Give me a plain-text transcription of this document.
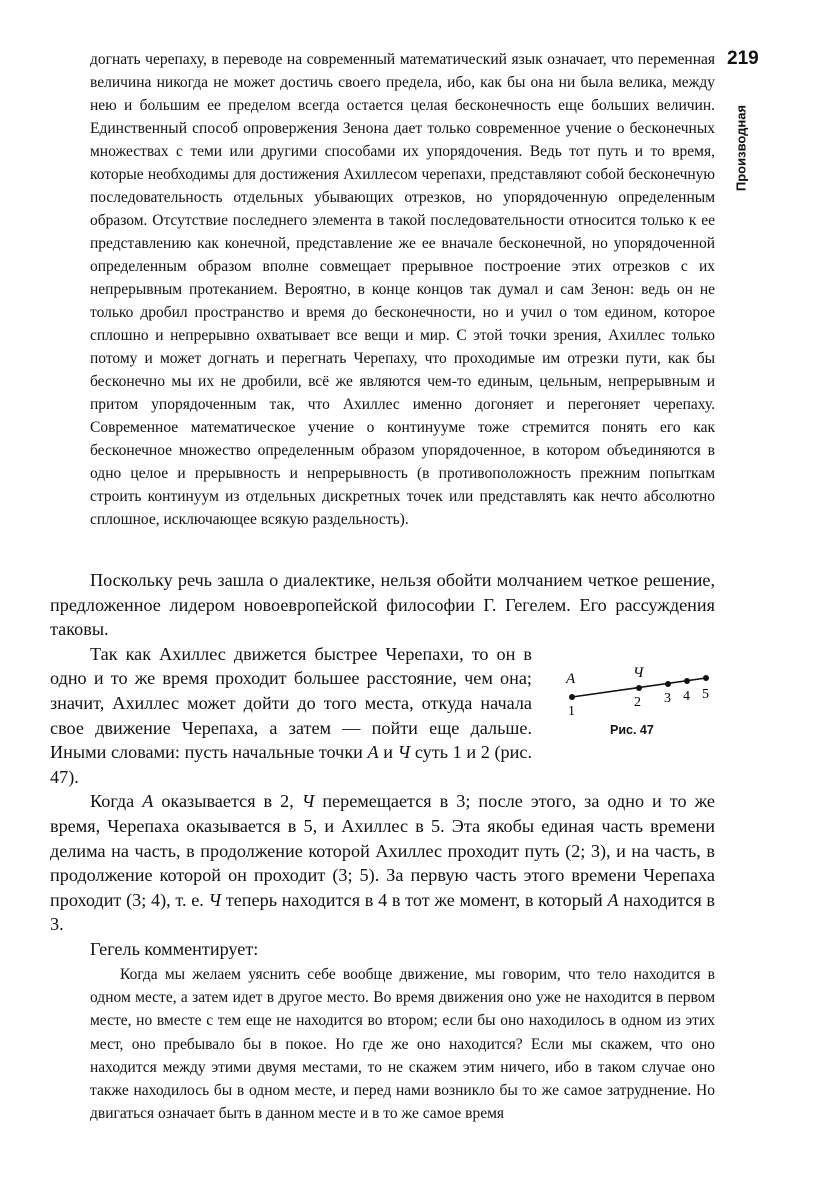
219
Производная

догнать черепаху, в переводе на современный математический язык означает, что переменная величина никогда не может достичь своего предела, ибо, как бы она ни была велика, между нею и большим ее пределом всегда остается целая бесконечность еще больших величин. Единственный способ опровержения Зенона дает только современное учение о бесконечных множествах с теми или другими способами их упорядочения. Ведь тот путь и то время, которые необходимы для достижения Ахиллесом черепахи, представляют собой бесконечную последовательность отдельных убывающих отрезков, но упорядоченную определенным образом. Отсутствие последнего элемента в такой последовательности относится только к ее представлению как конечной, представление же ее вначале бесконечной, но упорядоченной определенным образом вполне совмещает прерывное построение этих отрезков с их непрерывным протеканием. Вероятно, в конце концов так думал и сам Зенон: ведь он не только дробил пространство и время до бесконечности, но и учил о том едином, которое сплошно и непрерывно охватывает все вещи и мир. С этой точки зрения, Ахиллес только потому и может догнать и перегнать Черепаху, что проходимые им отрезки пути, как бы бесконечно мы их не дробили, всё же являются чем-то единым, цельным, непрерывным и притом упорядоченным так, что Ахиллес именно догоняет и перегоняет черепаху. Современное математическое учение о континууме тоже стремится понять его как бесконечное множество определенным образом упорядоченное, в котором объединяются в одно целое и прерывность и непрерывность (в противоположность прежним попыткам строить континуум из отдельных дискретных точек или представлять как нечто абсолютно сплошное, исключающее всякую раздельность).

Поскольку речь зашла о диалектике, нельзя обойти молчанием четкое решение, предложенное лидером новоевропейской философии Г. Гегелем. Его рассуждения таковы.

Так как Ахиллес движется быстрее Черепахи, то он в одно и то же время проходит большее расстояние, чем она; значит, Ахиллес может дойти до того места, откуда начала свое движение Черепаха, а затем — пойти еще дальше. Иными словами: пусть начальные точки А и Ч суть 1 и 2 (рис. 47).

Когда А оказывается в 2, Ч перемещается в 3; после этого, за одно и то же время, Черепаха оказывается в 5, и Ахиллес в 5. Эта якобы единая часть времени делима на часть, в продолжение которой Ахиллес проходит путь (2; 3), и на часть, в продолжение которой он проходит (3; 5). За первую часть этого времени Черепаха проходит (3; 4), т. е. Ч теперь находится в 4 в тот же момент, в который А находится в 3.

Гегель комментирует:

А	Ч
1
2 3 4 5
Рис. 47

Когда мы желаем уяснить себе вообще движение, мы говорим, что тело находится в одном месте, а затем идет в другое место. Во время движения оно уже не находится в первом месте, но вместе с тем еще не находится во втором; если бы оно находилось в одном из этих мест, оно пребывало бы в покое. Но где же оно находится? Если мы скажем, что оно находится между этими двумя местами, то не скажем этим ничего, ибо в таком случае оно также находилось бы в одном месте, и перед нами возникло бы то же самое затруднение. Но двигаться означает быть в данном месте и в то же самое время
